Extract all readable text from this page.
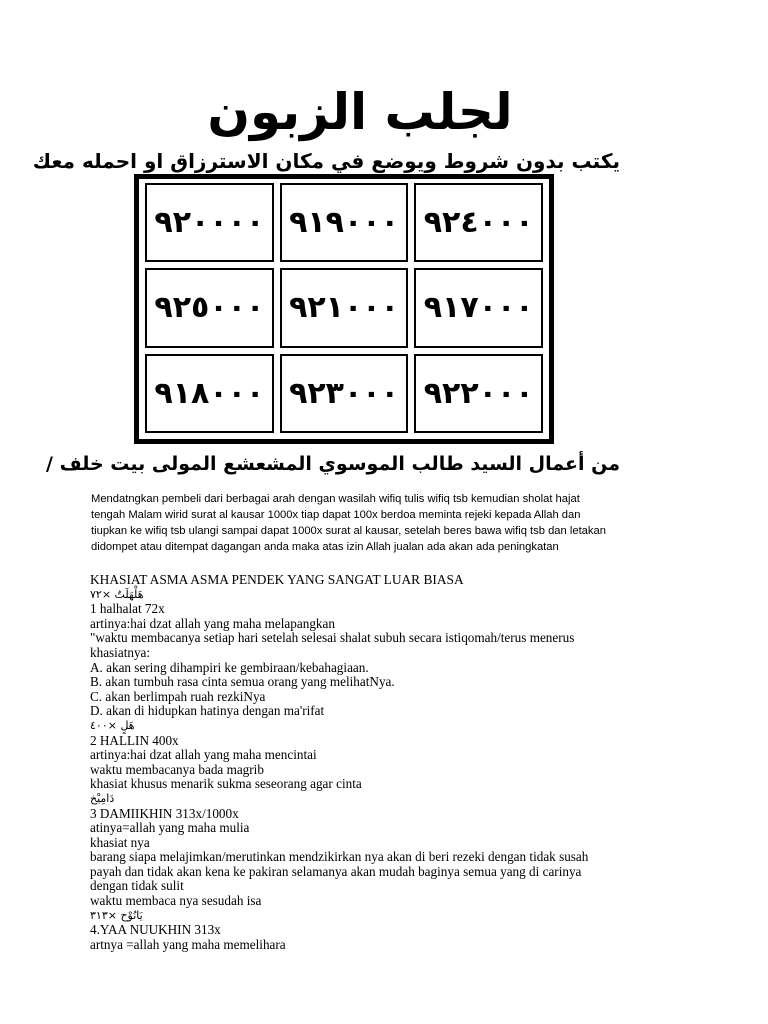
لجلب الزبون
يكتب بدون شروط ويوضع في مكان الاسترزاق او احمله معك
٩٢٠٠٠٠ ٩١٩٠٠٠ ٩٢٤٠٠٠
٩٢٥٠٠٠ ٩٢١٠٠٠ ٩١٧٠٠٠
٩١٨٠٠٠ ٩٢٣٠٠٠ ٩٢٢٠٠٠
من أعمال السيد طالب الموسوي المشعشع المولى بيت خلف /
Mendatngkan pembeli dari berbagai arah dengan wasilah wifiq tulis wifiq tsb kemudian sholat hajat
tengah Malam wirid surat al kausar 1000x tiap dapat 100x berdoa meminta rejeki kepada Allah dan
tiupkan ke wifiq tsb ulangi sampai dapat 1000x surat al kausar, setelah beres bawa wifiq tsb dan letakan
didompet atau ditempat dagangan anda maka atas izin Allah jualan ada akan ada peningkatan
KHASIAT ASMA ASMA PENDEK YANG SANGAT LUAR BIASA
هَلْهَلَتٌ ×٧٢
1 halhalat 72x
artinya:hai dzat allah yang maha melapangkan
"waktu membacanya setiap hari setelah selesai shalat subuh secara istiqomah/terus menerus
khasiatnya:
A. akan sering dihampiri ke gembiraan/kebahagiaan.
B. akan tumbuh rasa cinta semua orang yang melihatNya.
C. akan berlimpah ruah rezkiNya
D. akan di hidupkan hatinya dengan ma'rifat
هَلٍ ×٤٠٠
2 HALLIN 400x
artinya:hai dzat allah yang maha mencintai
waktu membacanya bada magrib
khasiat khusus menarik sukma seseorang agar cinta
دَامِيْخ
3 DAMIIKHIN 313x/1000x
atinya=allah yang maha mulia
khasiat nya
barang siapa melajimkan/merutinkan mendzikirkan nya akan di beri rezeki dengan tidak susah
payah dan tidak akan kena ke pakiran selamanya akan mudah baginya semua yang di carinya
dengan tidak sulit
waktu membaca nya sesudah isa
يَانُوْح ×٣١٣
4.YAA NUUKHIN 313x
artnya =allah yang maha memelihara
